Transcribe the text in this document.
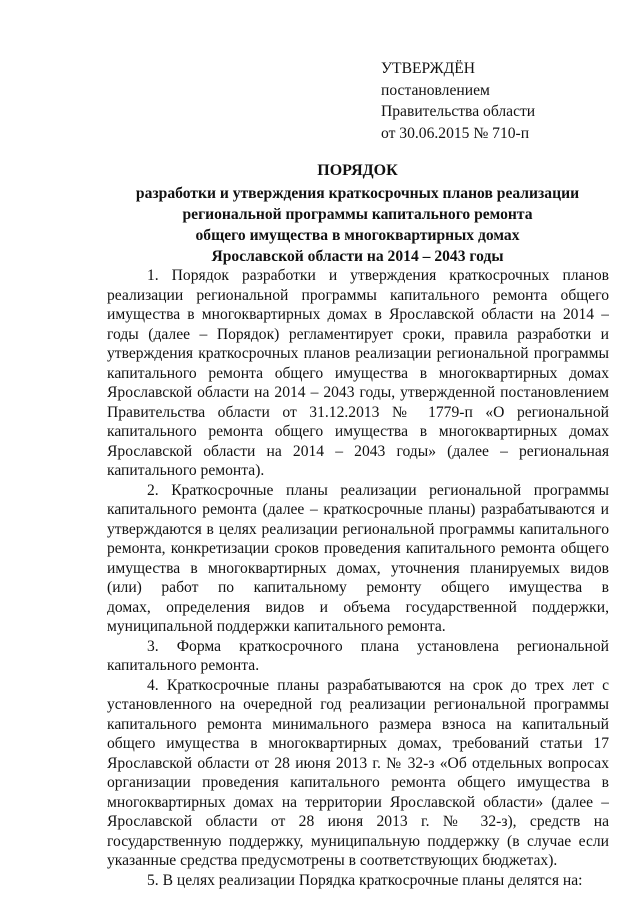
УТВЕРЖДЁН
постановлением
Правительства области
от 30.06.2015 № 710-п
ПОРЯДОК
разработки и утверждения краткосрочных планов реализации
региональной программы капитального ремонта
общего имущества в многоквартирных домах
Ярославской области на 2014 – 2043 годы
1. Порядок разработки и утверждения краткосрочных планов
реализации региональной программы капитального ремонта общего
имущества в многоквартирных домах в Ярославской области на 2014 –
годы (далее – Порядок) регламентирует сроки, правила разработки и
утверждения краткосрочных планов реализации региональной программы
капитального ремонта общего имущества в многоквартирных домах
Ярославской области на 2014 – 2043 годы, утвержденной постановлением
Правительства области от 31.12.2013 № 1779-п «О региональной
капитального ремонта общего имущества в многоквартирных домах
Ярославской области на 2014 – 2043 годы» (далее – региональная
капитального ремонта).
2. Краткосрочные планы реализации региональной программы
капитального ремонта (далее – краткосрочные планы) разрабатываются и
утверждаются в целях реализации региональной программы капитального
ремонта, конкретизации сроков проведения капитального ремонта общего
имущества в многоквартирных домах, уточнения планируемых видов
(или) работ по капитальному ремонту общего имущества в
домах, определения видов и объема государственной поддержки,
муниципальной поддержки капитального ремонта.
3. Форма краткосрочного плана установлена региональной
капитального ремонта.
4. Краткосрочные планы разрабатываются на срок до трех лет с
установленного на очередной год реализации региональной программы
капитального ремонта минимального размера взноса на капитальный
общего имущества в многоквартирных домах, требований статьи 17
Ярославской области от 28 июня 2013 г. № 32-з «Об отдельных вопросах
организации проведения капитального ремонта общего имущества в
многоквартирных домах на территории Ярославской области» (далее –
Ярославской области от 28 июня 2013 г. № 32-з), средств на
государственную поддержку, муниципальную поддержку (в случае если
указанные средства предусмотрены в соответствующих бюджетах).
5. В целях реализации Порядка краткосрочные планы делятся на:
